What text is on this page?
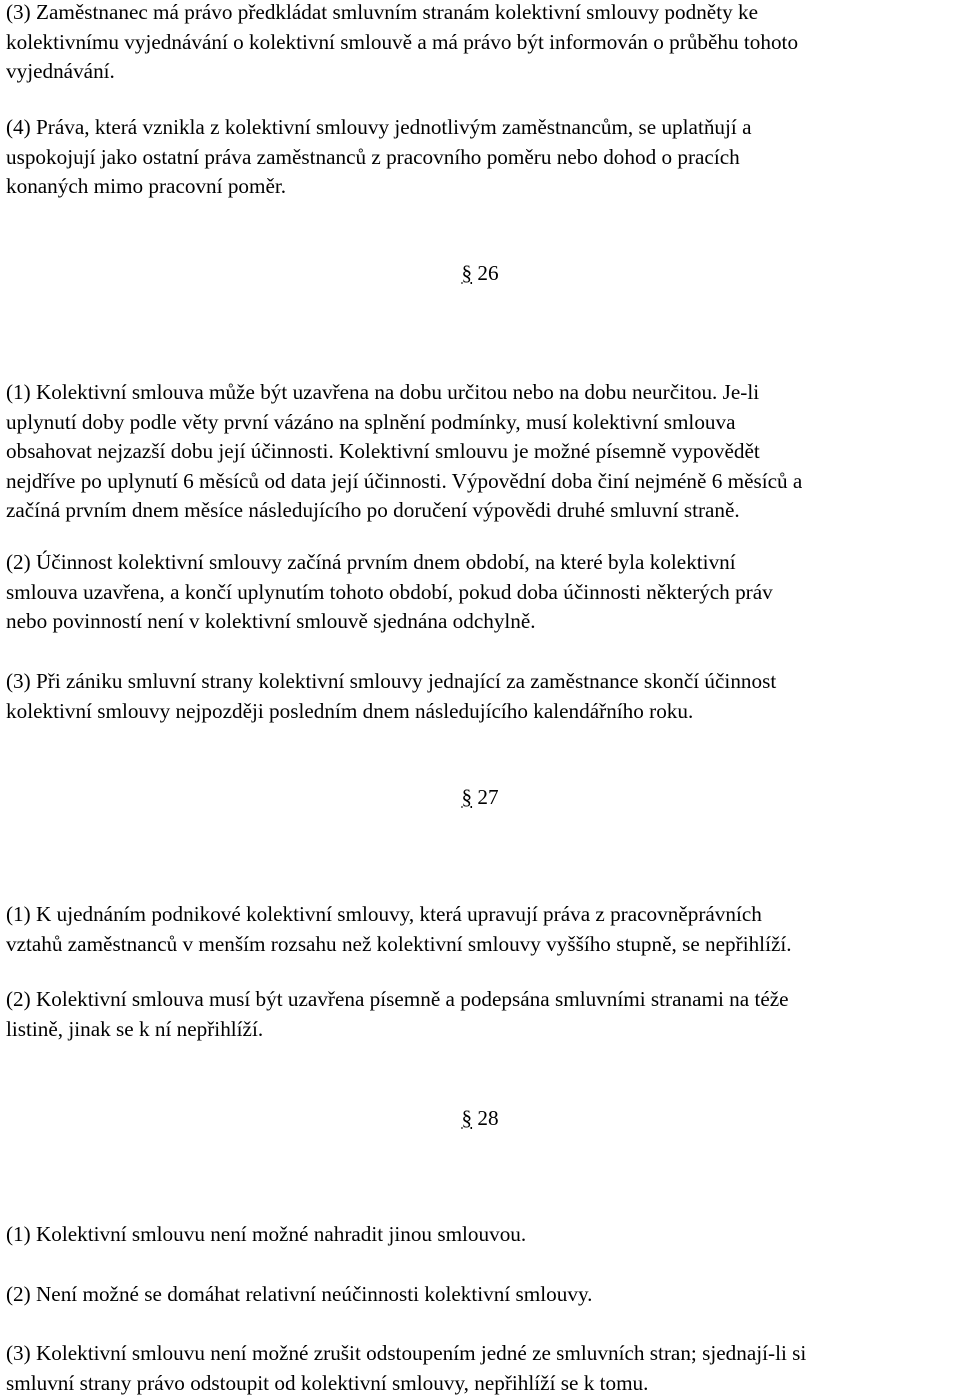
(3) Zaměstnanec má právo předkládat smluvním stranám kolektivní smlouvy podněty ke
kolektivnímu vyjednávání o kolektivní smlouvě a má právo být informován o průběhu tohoto
vyjednávání.

(4) Práva, která vznikla z kolektivní smlouvy jednotlivým zaměstnancům, se uplatňují a
uspokojují jako ostatní práva zaměstnanců z pracovního poměru nebo dohod o pracích
konaných mimo pracovní poměr.

§ 26

(1) Kolektivní smlouva může být uzavřena na dobu určitou nebo na dobu neurčitou. Je-li
uplynutí doby podle věty první vázáno na splnění podmínky, musí kolektivní smlouva
obsahovat nejzazší dobu její účinnosti. Kolektivní smlouvu je možné písemně vypovědět
nejdříve po uplynutí 6 měsíců od data její účinnosti. Výpovědní doba činí nejméně 6 měsíců a
začíná prvním dnem měsíce následujícího po doručení výpovědi druhé smluvní straně.

(2) Účinnost kolektivní smlouvy začíná prvním dnem období, na které byla kolektivní
smlouva uzavřena, a končí uplynutím tohoto období, pokud doba účinnosti některých práv
nebo povinností není v kolektivní smlouvě sjednána odchylně.

(3) Při zániku smluvní strany kolektivní smlouvy jednající za zaměstnance skončí účinnost
kolektivní smlouvy nejpozději posledním dnem následujícího kalendářního roku.

§ 27

(1) K ujednáním podnikové kolektivní smlouvy, která upravují práva z pracovněprávních
vztahů zaměstnanců v menším rozsahu než kolektivní smlouvy vyššího stupně, se nepřihlíží.

(2) Kolektivní smlouva musí být uzavřena písemně a podepsána smluvními stranami na téže
listině, jinak se k ní nepřihlíží.

§ 28

(1) Kolektivní smlouvu není možné nahradit jinou smlouvou.

(2) Není možné se domáhat relativní neúčinnosti kolektivní smlouvy.

(3) Kolektivní smlouvu není možné zrušit odstoupením jedné ze smluvních stran; sjednají-li si
smluvní strany právo odstoupit od kolektivní smlouvy, nepřihlíží se k tomu.
